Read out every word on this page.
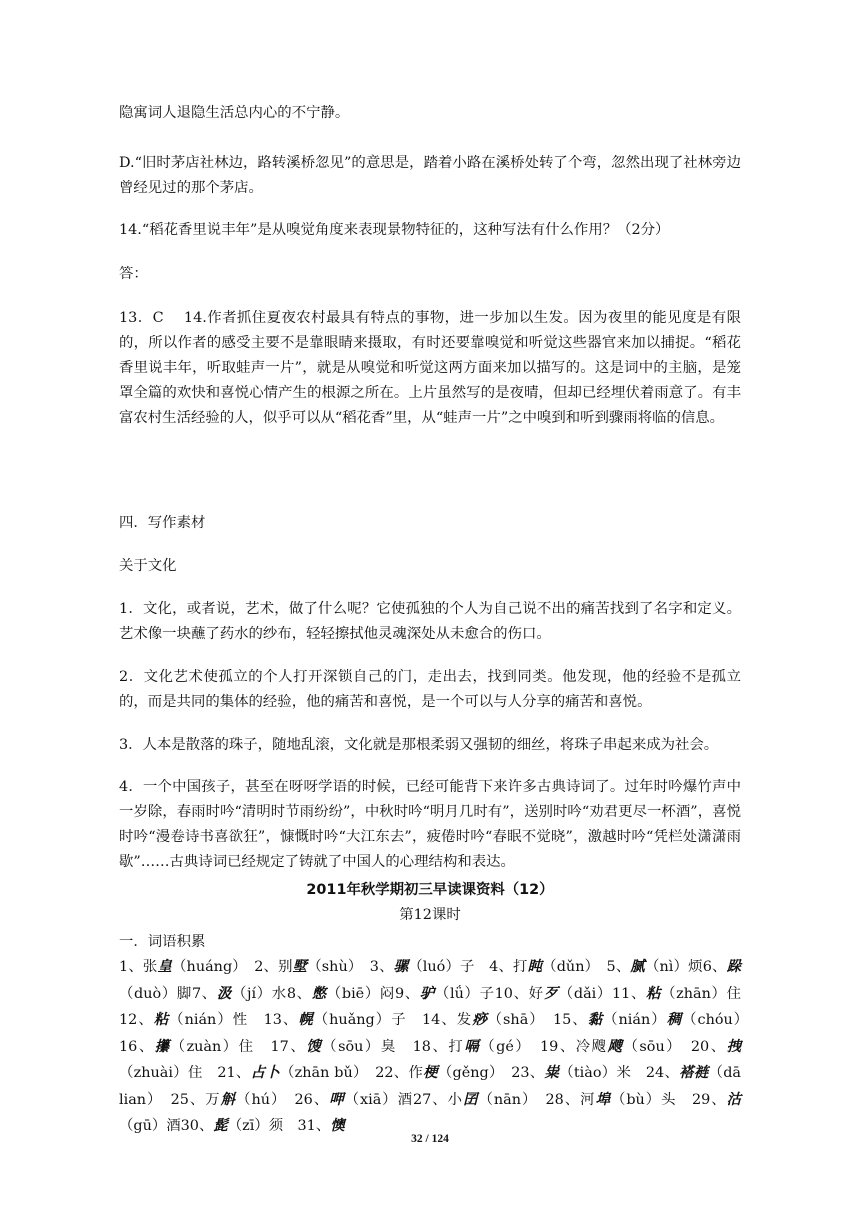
隐寓词人退隐生活总内心的不宁静。

D.“旧时茅店社林边，路转溪桥忽见”的意思是，踏着小路在溪桥处转了个弯，忽然出现了社林旁边曾经见过的那个茅店。

14.“稻花香里说丰年”是从嗅觉角度来表现景物特征的，这种写法有什么作用？（2分）

答：

13．C　 14.作者抓住夏夜农村最具有特点的事物，进一步加以生发。因为夜里的能见度是有限的，所以作者的感受主要不是靠眼睛来摄取，有时还要靠嗅觉和听觉这些器官来加以捕捉。“稻花香里说丰年，听取蛙声一片”，就是从嗅觉和听觉这两方面来加以描写的。这是词中的主脑，是笼罩全篇的欢快和喜悦心情产生的根源之所在。上片虽然写的是夜晴，但却已经埋伏着雨意了。有丰富农村生活经验的人，似乎可以从“稻花香”里，从“蛙声一片”之中嗅到和听到骤雨将临的信息。

四．写作素材

关于文化

1．文化，或者说，艺术，做了什么呢？它使孤独的个人为自己说不出的痛苦找到了名字和定义。艺术像一块蘸了药水的纱布，轻轻擦拭他灵魂深处从未愈合的伤口。

2．文化艺术使孤立的个人打开深锁自己的门，走出去，找到同类。他发现，他的经验不是孤立的，而是共同的集体的经验，他的痛苦和喜悦，是一个可以与人分享的痛苦和喜悦。

3．人本是散落的珠子，随地乱滚，文化就是那根柔弱又强韧的细丝，将珠子串起来成为社会。

4．一个中国孩子，甚至在呀呀学语的时候，已经可能背下来许多古典诗词了。过年时吟爆竹声中一岁除，春雨时吟“清明时节雨纷纷”，中秋时吟“明月几时有”，送别时吟“劝君更尽一杯酒”，喜悦时吟“漫卷诗书喜欲狂”，慷慨时吟“大江东去”，疲倦时吟“春眠不觉晓”，激越时吟“凭栏处潇潇雨歇”……古典诗词已经规定了铸就了中国人的心理结构和表达。

2011年秋学期初三早读课资料（12）
第12课时
一．词语积累
1、张皇（huáng）　 2、别墅（shù）　 3、骡（luó）子　 4、打盹（dǔn）　 5、腻（nì）烦6、跺（duò）脚7、汲（jí）水8、憋（biē）闷9、驴（lǘ）子10、好歹（dǎi）11、粘（zhān）住　12、粘（nián）性　 13、幌（huǎng）子　 14、发痧（shā）　 15、黏（nián）稠（chóu）　16、攥（zuàn）住　 17、馊（sōu）臭　 18、打嗝（gé）　 19、冷飕飕（sōu）　 20、拽（zhuài）住　 21、占卜（zhān bǔ）　 22、作梗（gěng）　 23、粜（tiào）米　 24、褡裢（dā lian）　 25、万斛（hú）　 26、呷（xiā）酒27、小囝（nān）　 28、河埠（bù）头　 29、沽（gū）酒30、髭（zī）须　 31、懊
32 / 124
